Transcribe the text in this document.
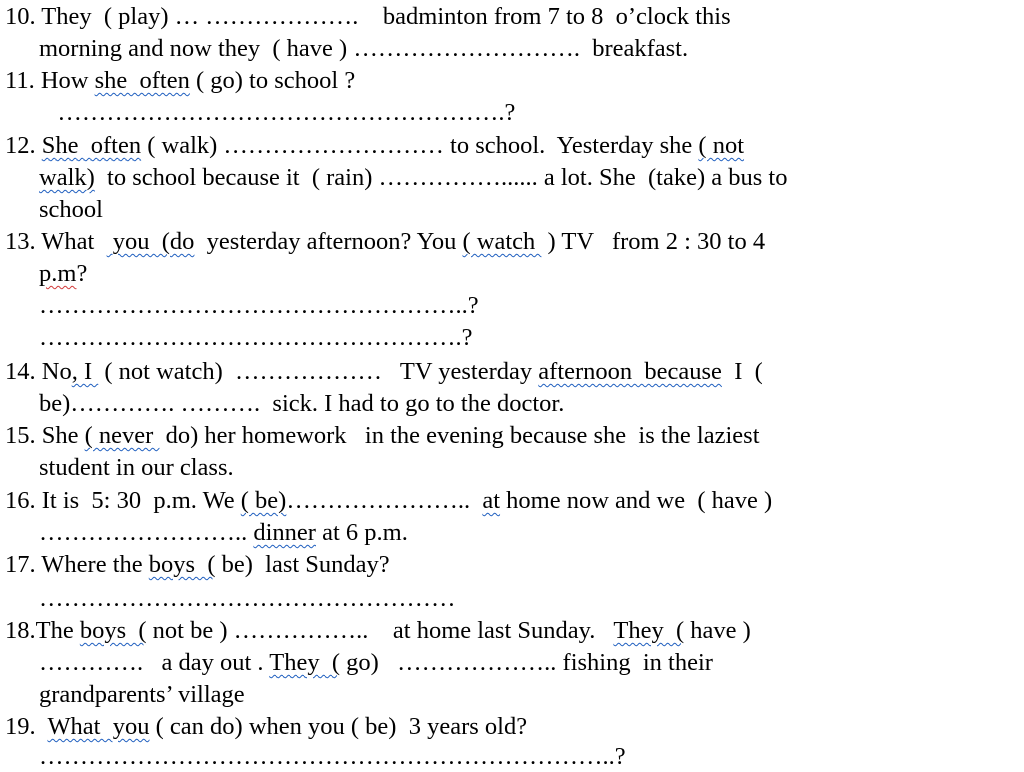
10. They  ( play) … ……………….    badminton from 7 to 8  o’clock this
morning and now they  ( have ) ……………………….  breakfast.
11. How she  often ( go) to school ?
……………………………………………….?
12. She  often ( walk) ……………………… to school.  Yesterday she ( not
walk)  to school because it  ( rain) ……………...... a lot. She  (take) a bus to
school
13. What   you  (do  yesterday afternoon? You ( watch  ) TV   from 2 : 30 to 4
p.m?
……………………………………………..?
…………………………………………….?
14. No, I  ( not watch)  ………………   TV yesterday afternoon  because  I  (
be)…………. ……….  sick. I had to go to the doctor.
15. She ( never  do) her homework   in the evening because she  is the laziest
student in our class.
16. It is  5: 30  p.m. We ( be)…………………..  at home now and we  ( have )
…………………….. dinner at 6 p.m.
17. Where the boys  ( be)  last Sunday?
……………………………………………
18.The boys  ( not be ) ……………..    at home last Sunday.   They  ( have )
………….   a day out . They  ( go)   ……………….. fishing  in their
grandparents’ village
19.  What  you ( can do) when you ( be)  3 years old?
……………………………………………………………..?
